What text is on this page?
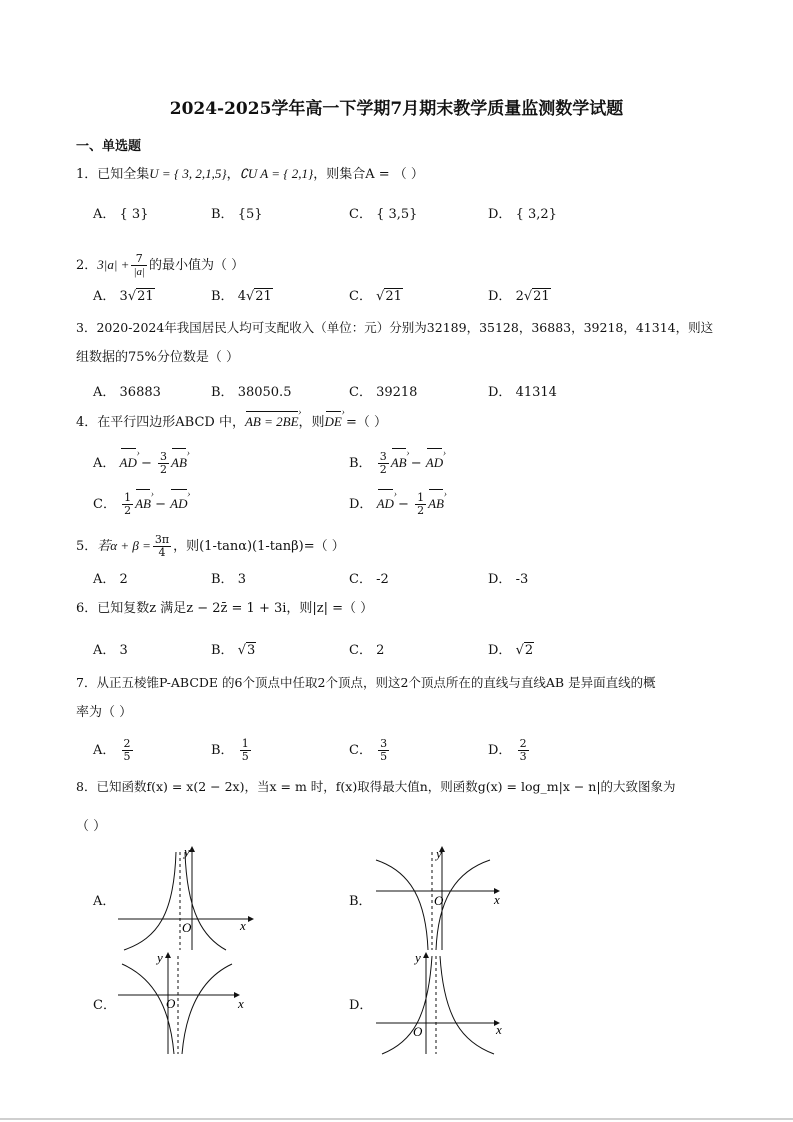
2024-2025学年高一下学期7月期末教学质量监测数学试题
一、单选题
1．已知全集U = { 3, 2,1,5}，∁U A = { 2,1}，则集合A = （ ）
A． { 3}	B． {5}	C． { 3,5}	D． { 3,2}
2．$3|a| + \frac{7}{|a|}$ 的最小值为（ ）
A． 3√21	B． 4√21	C． √21	D． 2√21
3．2020-2024年我国居民人均可支配收入（单位：元）分别为32189，35128，36883，39218，41314，则这
组数据的75%分位数是（ ）
A． 36883	B． 38050.5	C． 39218	D． 41314
4．在平行四边形ABCD 中，AB = 2BE ›，则DE › =（ ）
A． AD › − $\frac{3}{2}$ AB ›	B． $\frac{3}{2}$ AB › − AD ›
C． $\frac{1}{2}$ AB › − AD ›	D． AD › − $\frac{1}{2}$ AB ›
5．若$\alpha + \beta = \frac{3\pi}{4}$ ，则(1-tanα)(1-tanβ)=（ ）
A． 2	B． 3	C． -2	D． -3
6．已知复数z 满足z − 2z̄ = 1 + 3i，则|z| =（ ）
A． 3	B． √3	C． 2	D． √2
7．从正五棱锥P-ABCDE 的6个顶点中任取2个顶点，则这2个顶点所在的直线与直线AB 是异面直线的概
率为（ ）
A． $\frac{2}{5}$	B． $\frac{1}{5}$	C． $\frac{3}{5}$	D． $\frac{2}{3}$
8．已知函数f(x) = x(2 − 2x)，当x = m 时，f(x)取得最大值n，则函数g(x) = log_m|x − n|的大致图象为
（ ）
A．
x
y
O
B．	x
y
O
C．	x
y
O	D．
x
y
O
